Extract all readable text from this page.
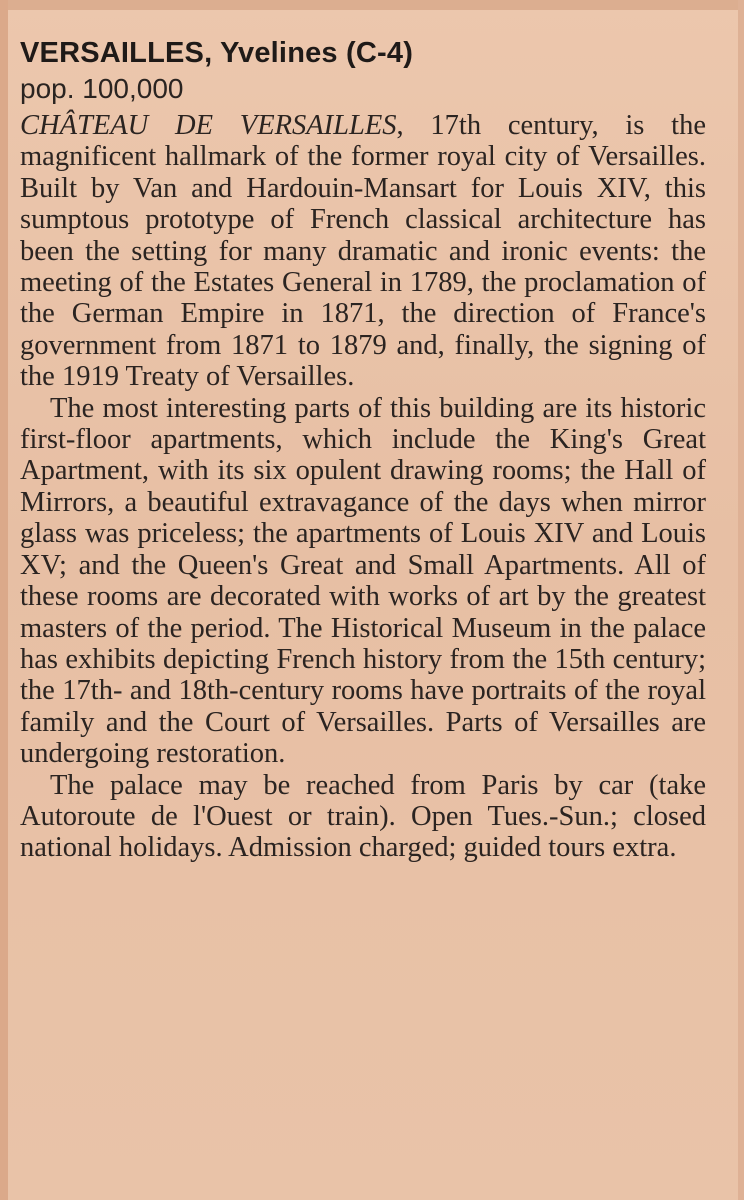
VERSAILLES, Yvelines (C-4)
pop. 100,000

CHÂTEAU DE VERSAILLES, 17th century, is the magnificent hallmark of the former royal city of Versailles. Built by Van and Hardouin-Mansart for Louis XIV, this sumptous prototype of French classical architecture has been the setting for many dramatic and ironic events: the meeting of the Estates General in 1789, the proclamation of the German Empire in 1871, the direction of France's government from 1871 to 1879 and, finally, the signing of the 1919 Treaty of Versailles.

The most interesting parts of this building are its historic first-floor apartments, which include the King's Great Apartment, with its six opulent drawing rooms; the Hall of Mirrors, a beautiful extravagance of the days when mirror glass was priceless; the apartments of Louis XIV and Louis XV; and the Queen's Great and Small Apartments. All of these rooms are decorated with works of art by the greatest masters of the period. The Historical Museum in the palace has exhibits depicting French history from the 15th century; the 17th- and 18th-century rooms have portraits of the royal family and the Court of Versailles. Parts of Versailles are undergoing restoration.

The palace may be reached from Paris by car (take Autoroute de l'Ouest or train). Open Tues.-Sun.; closed national holidays. Admission charged; guided tours extra.
